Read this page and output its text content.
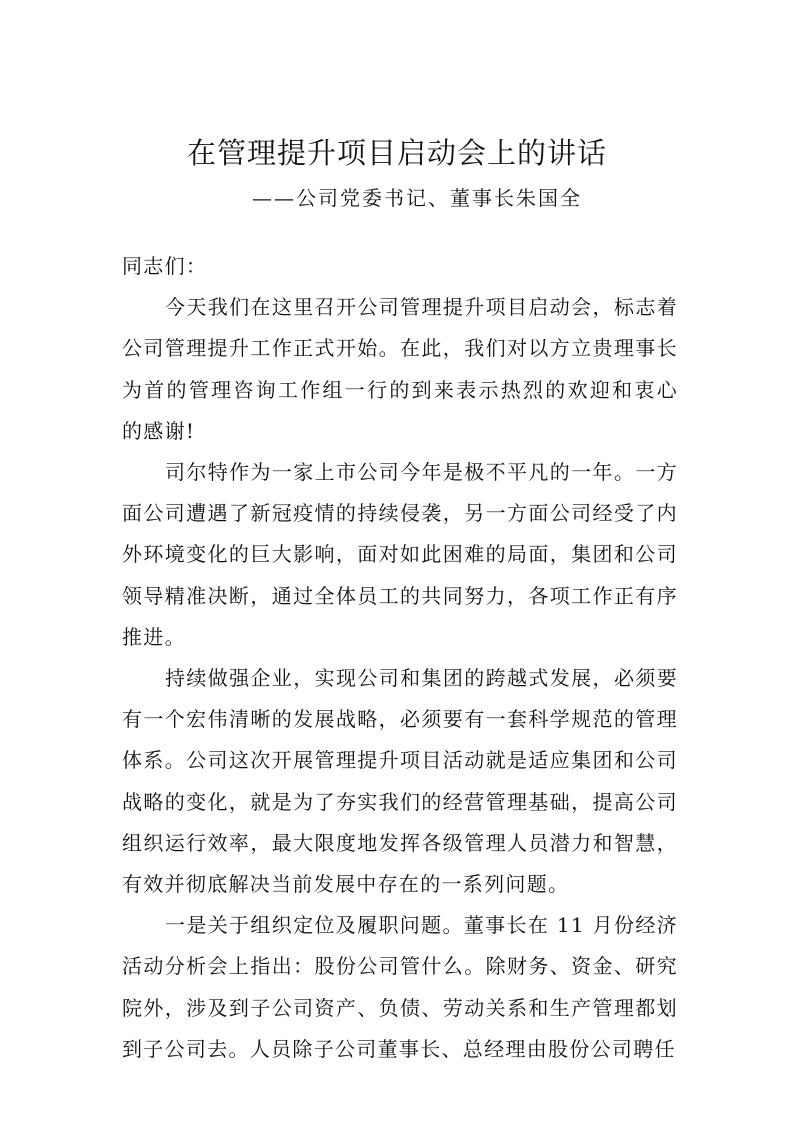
在管理提升项目启动会上的讲话
——公司党委书记、董事长朱国全

同志们：

今天我们在这里召开公司管理提升项目启动会，标志着公司管理提升工作正式开始。在此，我们对以方立贵理事长为首的管理咨询工作组一行的到来表示热烈的欢迎和衷心 的感谢!

司尔特作为一家上市公司今年是极不平凡的一年。一方面公司遭遇了新冠疫情的持续侵袭，另一方面公司经受了内外环境变化的巨大影响，面对如此困难的局面，集团和公司领导精准决断，通过全体员工的共同努力，各项工作正有序推进。

持续做强企业，实现公司和集团的跨越式发展，必须要有一个宏伟清晰的发展战略，必须要有一套科学规范的管理体系。公司这次开展管理提升项目活动就是适应集团和公司战略的变化，就是为了夯实我们的经营管理基础，提高公司组织运行效率，最大限度地发挥各级管理人员潜力和智慧， 有效并彻底解决当前发展中存在的一系列问题。

一是关于组织定位及履职问题。董事长在 11 月份经济活动分析会上指出：股份公司管什么。除财务、资金、研究 院外，涉及到子公司资产、负债、劳动关系和生产管理都划到子公司去。人员除子公司董事长、总经理由股份公司聘任
